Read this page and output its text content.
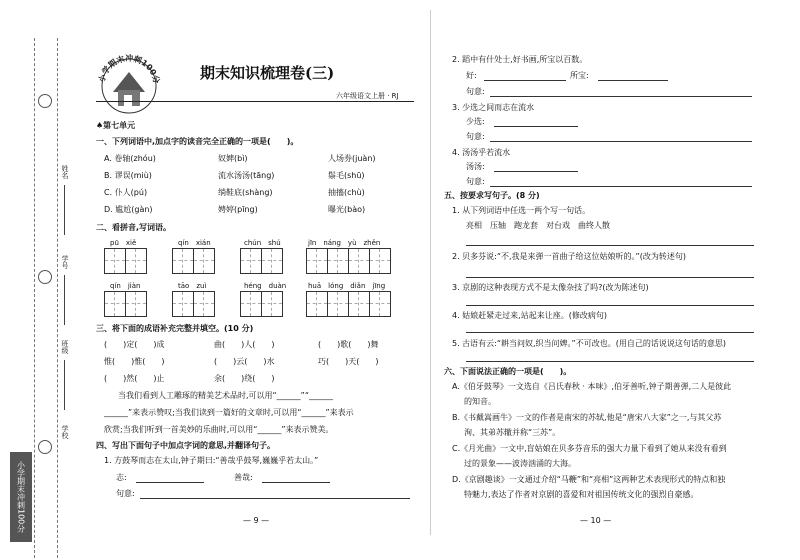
姓名
学号
班级
学校
小学期末冲刺100分
小学期末冲刺100分	期末知识梳理卷(三)
六年级语文上册 · RJ
♠第七单元
一、下列词语中,加点字的读音完全正确的一项是(　　)。
A. 卷轴(zhóu)	奴婢(bì)	人场券(juàn)
B. 谬误(miù)	流水汤汤(tāng)	鬃毛(shū)
C. 仆人(pú)	绱鞋底(shàng)	抽搐(chù)
D. 尴尬(gàn)	娉婷(pīng)	曝光(bào)
二、看拼音,写词语。
pū　xiě	qín　xián	chún　shú	jīn　náng　yù　zhěn
qín　jiàn	tāo　zuì	héng　duàn	huā　lóng　diǎn　jīng
三、将下面的成语补充完整并填空。(10 分)
(　　)定(　　)成	曲(　　)人(　　)	(　　)歌(　　)舞
惟(　　)惟(　　)	(　　)云(　　)水	巧(　　)天(　　)
(　　)然(　　)止	余(　　)绕(　　)
当我们看到人工雕琢的精美艺术品时,可以用“______”“______
______”来表示赞叹;当我们读到一篇好的文章时,可以用“______”来表示
欣赏;当我们听到一首美妙的乐曲时,可以用“______”来表示赞美。
四、写出下面句子中加点字词的意思,并翻译句子。
1. 方鼓琴而志在太山,钟子期曰:“善哉乎鼓琴,巍巍乎若太山。”
志:	善哉:
句意:
— 9 —
2. 蹈中有什处士,好书画,所宝以百数。
好:	所宝:
句意:
3. 少选之间而志在流水
少选:
句意:
4. 汤汤乎若流水
汤汤:
句意:
五、按要求写句子。(8 分)
1. 从下列词语中任选一两个写一句话。
亮相　压轴　跑龙套　对台戏　曲终人散
2. 贝多芬说:“不,我是来弹一首曲子给这位姑娘听的。”(改为转述句)
3. 京剧的这种表现方式不是太像杂技了吗?(改为陈述句)
4. 姑娘赶紧走过来,站起来让座。(修改病句)
5. 古语有云:“耕当问奴,织当问婢。”不可改也。(用自己的话说说这句话的意思)
六、下面说法正确的一项是(　　)。
A.《伯牙鼓琴》一文选自《吕氏春秋 · 本味》,伯牙善听,钟子期善弹,二人是彼此
的知音。
B.《书戴嵩画牛》一文的作者是南宋的苏轼,他是“唐宋八大家”之一,与其父苏
洵、其弟苏辙并称“三苏”。
C.《月光曲》一文中,盲姑娘在贝多芬音乐的强大力量下看到了她从来没有看到
过的景象——波涛汹涌的大海。
D.《京剧趣谈》一文通过介绍“马鞭”和“亮相”这两种艺术表现形式的特点和独
特魅力,表达了作者对京剧的喜爱和对祖国传统文化的强烈自豪感。
— 10 —
